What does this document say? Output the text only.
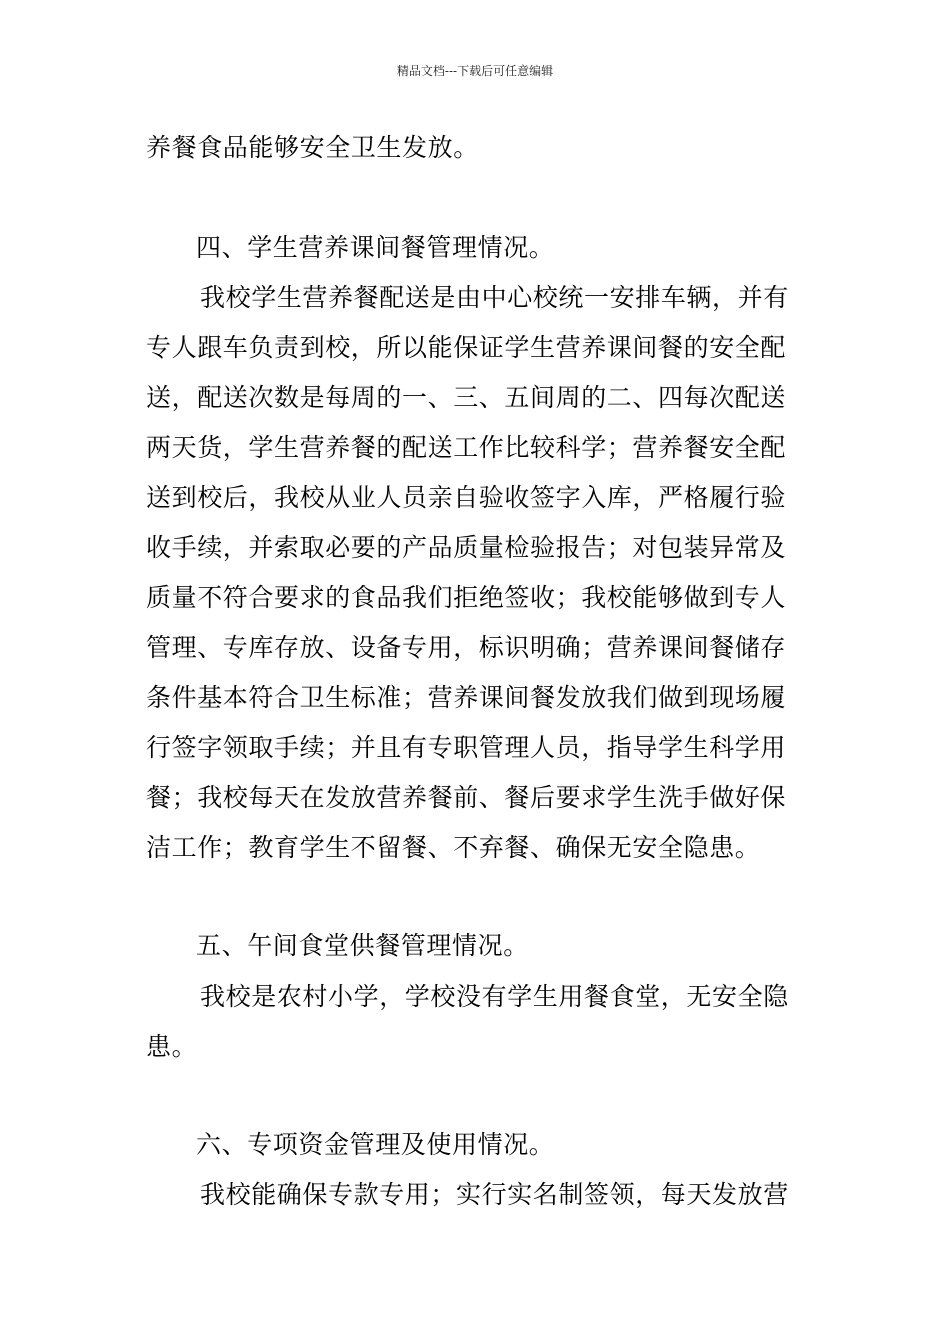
精品文档---下载后可任意编辑
养餐食品能够安全卫生发放。
四、学生营养课间餐管理情况。
我校学生营养餐配送是由中心校统一安排车辆，并有
专人跟车负责到校，所以能保证学生营养课间餐的安全配
送，配送次数是每周的一、三、五间周的二、四每次配送
两天货，学生营养餐的配送工作比较科学；营养餐安全配
送到校后，我校从业人员亲自验收签字入库，严格履行验
收手续，并索取必要的产品质量检验报告；对包装异常及
质量不符合要求的食品我们拒绝签收；我校能够做到专人
管理、专库存放、设备专用，标识明确；营养课间餐储存
条件基本符合卫生标准；营养课间餐发放我们做到现场履
行签字领取手续；并且有专职管理人员，指导学生科学用
餐；我校每天在发放营养餐前、餐后要求学生洗手做好保
洁工作；教育学生不留餐、不弃餐、确保无安全隐患。
五、午间食堂供餐管理情况。
我校是农村小学，学校没有学生用餐食堂，无安全隐
患。
六、专项资金管理及使用情况。
我校能确保专款专用；实行实名制签领，每天发放营
